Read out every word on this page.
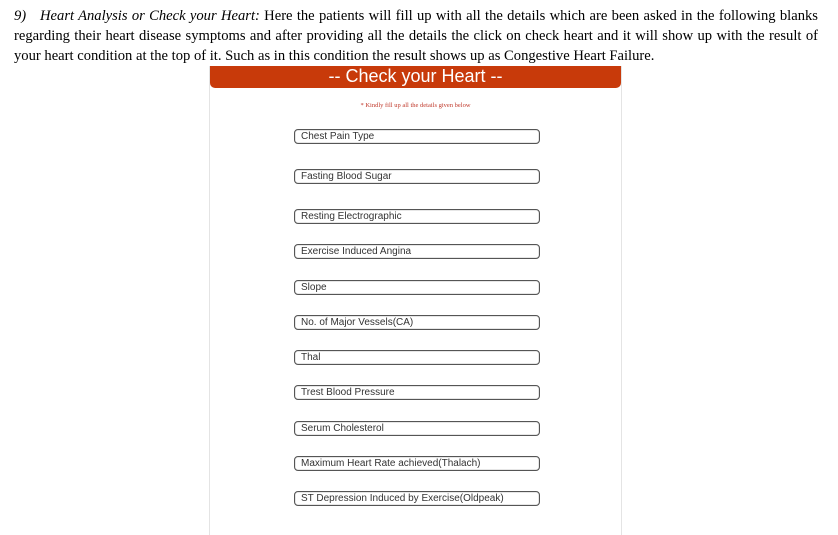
9) Heart Analysis or Check your Heart: Here the patients will fill up with all the details which are been asked in the following blanks regarding their heart disease symptoms and after providing all the details the click on check heart and it will show up with the result of your heart condition at the top of it. Such as in this condition the result shows up as Congestive Heart Failure.
-- Check your Heart --
* Kindly fill up all the details given below
Chest Pain Type
Fasting Blood Sugar
Resting Electrographic
Exercise Induced Angina
Slope
No. of Major Vessels(CA)
Thal
Trest Blood Pressure
Serum Cholesterol
Maximum Heart Rate achieved(Thalach)
ST Depression Induced by Exercise(Oldpeak)
